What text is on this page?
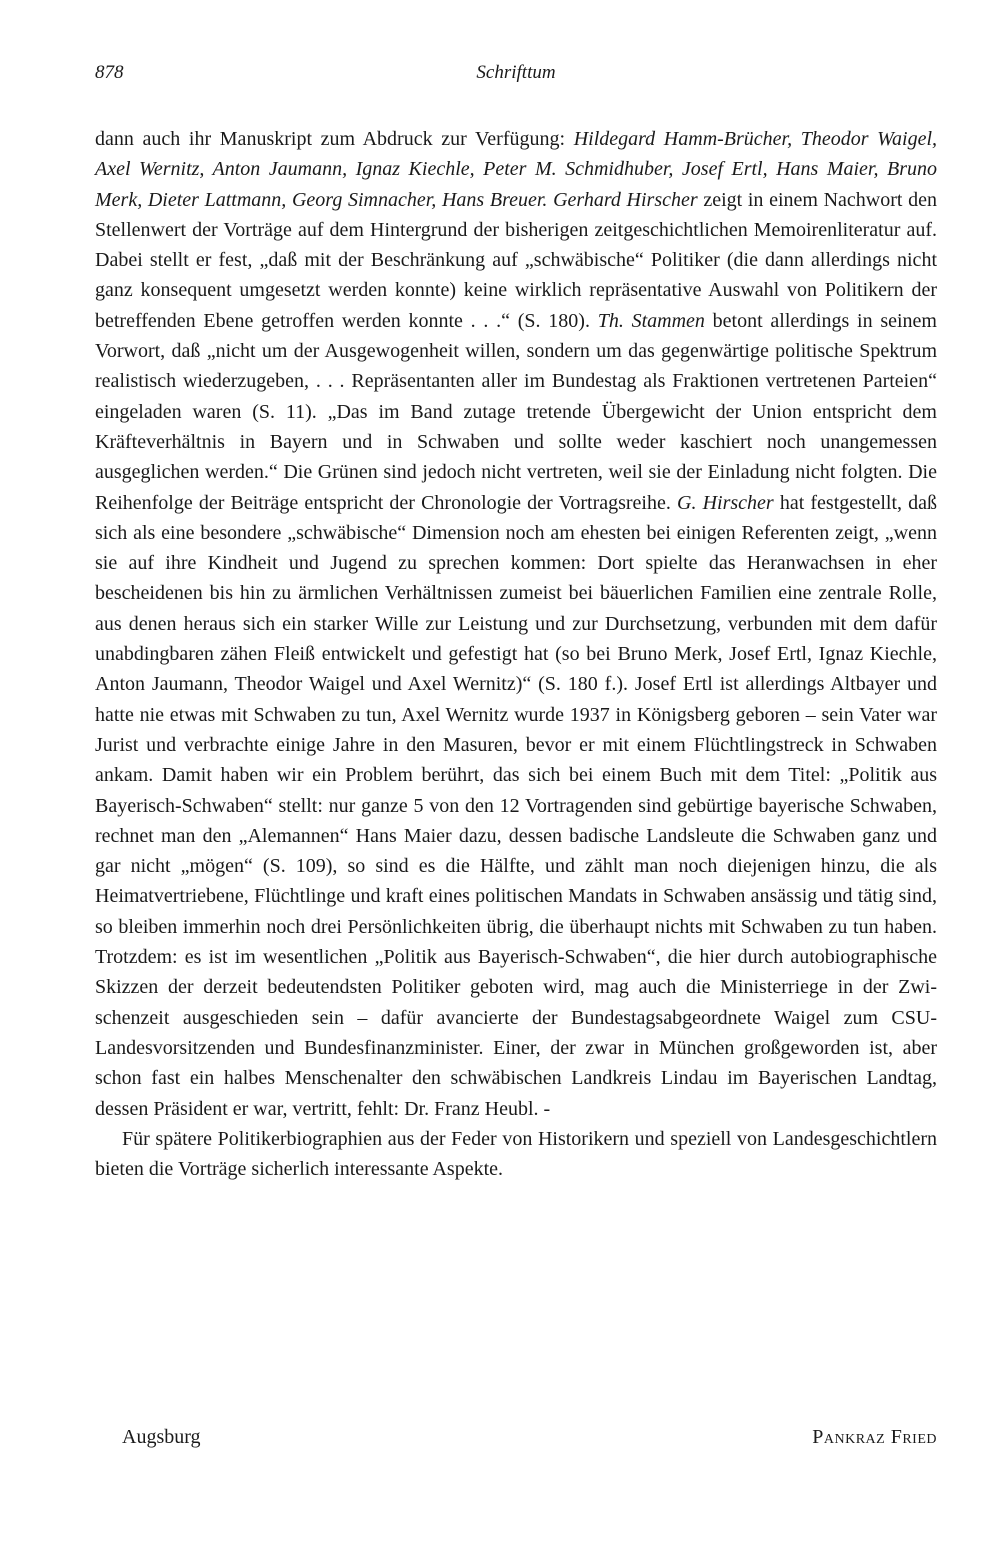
878	Schrifttum

dann auch ihr Manuskript zum Abdruck zur Verfügung: Hildegard Hamm-Brücher, Theodor Waigel, Axel Wernitz, Anton Jaumann, Ignaz Kiechle, Peter M. Schmidhuber, Josef Ertl, Hans Maier, Bruno Merk, Dieter Lattmann, Georg Simnacher, Hans Breuer. Gerhard Hirscher zeigt in einem Nachwort den Stellenwert der Vorträge auf dem Hintergrund der bisherigen zeitgeschichtlichen Memoirenliteratur auf. Dabei stellt er fest, „daß mit der Beschränkung auf „schwäbische“ Politiker (die dann allerdings nicht ganz konsequent umgesetzt werden konnte) keine wirklich repräsentative Auswahl von Politikern der betreffenden Ebene getroffen werden konnte . . .“ (S. 180). Th. Stammen betont allerdings in seinem Vorwort, daß „nicht um der Ausgewogenheit willen, sondern um das gegenwärtige politische Spektrum realistisch wiederzugeben, . . . Repräsentanten aller im Bundestag als Fraktionen vertretenen Parteien“ eingeladen waren (S. 11). „Das im Band zutage tretende Übergewicht der Union entspricht dem Kräfteverhältnis in Bayern und in Schwaben und sollte weder kaschiert noch unangemessen ausgeglichen werden.“ Die Grünen sind jedoch nicht vertreten, weil sie der Einladung nicht folgten. Die Reihenfolge der Beiträge entspricht der Chronologie der Vortragsreihe. G. Hirscher hat festgestellt, daß sich als eine besondere „schwäbische“ Dimension noch am ehesten bei einigen Referenten zeigt, „wenn sie auf ihre Kindheit und Jugend zu sprechen kommen: Dort spielte das Heranwachsen in eher bescheidenen bis hin zu ärmlichen Verhältnissen zumeist bei bäuerlichen Familien eine zentrale Rolle, aus denen heraus sich ein starker Wille zur Leistung und zur Durchsetzung, verbunden mit dem dafür unabdingbaren zähen Fleiß entwickelt und gefestigt hat (so bei Bruno Merk, Josef Ertl, Ignaz Kiechle, Anton Jaumann, Theodor Waigel und Axel Wernitz)“ (S. 180 f.). Josef Ertl ist allerdings Altbayer und hatte nie etwas mit Schwaben zu tun, Axel Wernitz wurde 1937 in Königsberg geboren – sein Vater war Jurist und verbrachte einige Jahre in den Masuren, bevor er mit einem Flüchtlingstreck in Schwaben ankam. Damit haben wir ein Problem berührt, das sich bei einem Buch mit dem Titel: „Politik aus Bayerisch-Schwaben“ stellt: nur ganze 5 von den 12 Vortragenden sind gebürtige bayerische Schwaben, rechnet man den „Alemannen“ Hans Maier dazu, dessen badische Landsleute die Schwaben ganz und gar nicht „mögen“ (S. 109), so sind es die Hälfte, und zählt man noch diejenigen hinzu, die als Heimatvertriebene, Flüchtlinge und kraft eines politischen Mandats in Schwaben ansässig und tätig sind, so bleiben immerhin noch drei Persönlichkeiten übrig, die überhaupt nichts mit Schwaben zu tun haben. Trotzdem: es ist im wesentlichen „Politik aus Bayerisch-Schwaben“, die hier durch autobiographische Skizzen der derzeit bedeutendsten Politiker geboten wird, mag auch die Ministerriege in der Zwischenzeit ausgeschieden sein – dafür avancierte der Bundestagsabgeordnete Waigel zum CSU-Landesvorsitzenden und Bundesfinanzminister. Einer, der zwar in München großgeworden ist, aber schon fast ein halbes Menschenalter den schwäbischen Landkreis Lindau im Bayerischen Landtag, dessen Präsident er war, vertritt, fehlt: Dr. Franz Heubl. -

Für spätere Politikerbiographien aus der Feder von Historikern und speziell von Landesgeschichtlern bieten die Vorträge sicherlich interessante Aspekte.

Augsburg	Pankraz Fried
